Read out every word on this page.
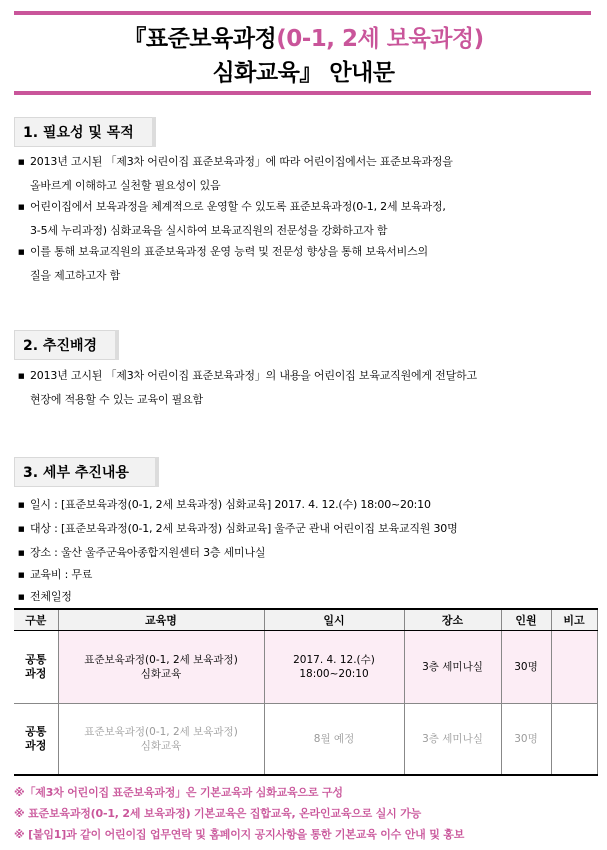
『표준보육과정(0-1, 2세 보육과정)
심화교육』 안내문
1. 필요성 및 목적
■ 2013년 고시된 「제3차 어린이집 표준보육과정」에 따라 어린이집에서는 표준보육과정을
올바르게 이해하고 실천할 필요성이 있음
■ 어린이집에서 보육과정을 체계적으로 운영할 수 있도록 표준보육과정(0-1, 2세 보육과정,
3-5세 누리과정) 심화교육을 실시하여 보육교직원의 전문성을 강화하고자 함
■ 이를 통해 보육교직원의 표준보육과정 운영 능력 및 전문성 향상을 통해 보육서비스의
질을 제고하고자 함
2. 추진배경
■ 2013년 고시된 「제3차 어린이집 표준보육과정」의 내용을 어린이집 보육교직원에게 전달하고
현장에 적용할 수 있는 교육이 필요함
3. 세부 추진내용
■ 일시 : [표준보육과정(0-1, 2세 보육과정) 심화교육] 2017. 4. 12.(수) 18:00~20:10
■ 대상 : [표준보육과정(0-1, 2세 보육과정) 심화교육] 울주군 관내 어린이집 보육교직원 30명
■ 장소 : 울산 울주군육아종합지원센터 3층 세미나실
■ 교육비 : 무료
■ 전체일정
구분	교육명	일시	장소	인원	비고
공통
과정	표준보육과정(0-1, 2세 보육과정)
심화교육	2017. 4. 12.(수)
18:00~20:10	3층 세미나실	30명	
공통
과정	표준보육과정(0-1, 2세 보육과정)
심화교육	8월 예정	3층 세미나실	30명	
※「제3차 어린이집 표준보육과정」은 기본교육과 심화교육으로 구성
※ 표준보육과정(0-1, 2세 보육과정) 기본교육은 집합교육, 온라인교육으로 실시 가능
※ [붙임1]과 같이 어린이집 업무연락 및 홈페이지 공지사항을 통한 기본교육 이수 안내 및 홍보
